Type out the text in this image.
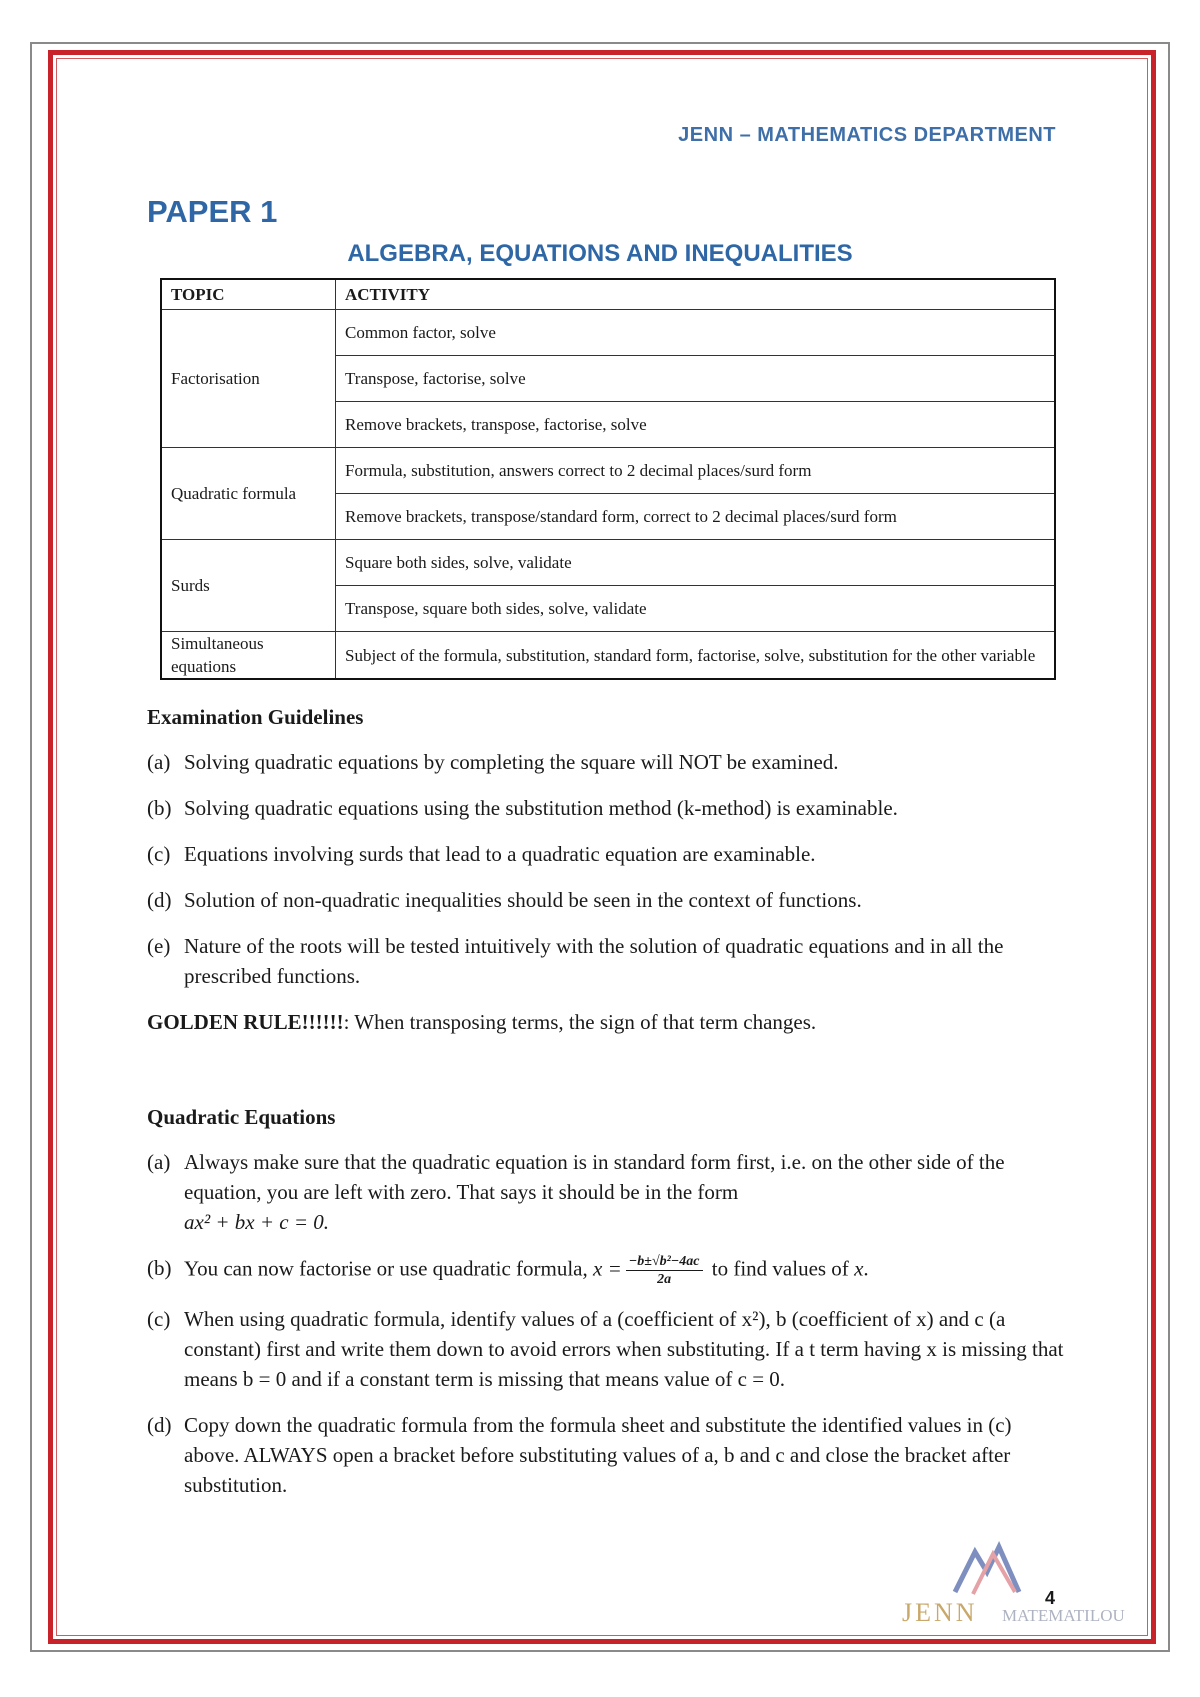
JENN – MATHEMATICS DEPARTMENT
PAPER 1
ALGEBRA, EQUATIONS AND INEQUALITIES
TOPIC	ACTIVITY
Factorisation	Common factor, solve
	Transpose, factorise, solve
	Remove brackets, transpose, factorise, solve
Quadratic formula	Formula, substitution, answers correct to 2 decimal places/surd form
	Remove brackets, transpose/standard form, correct to 2 decimal places/surd form
Surds	Square both sides, solve, validate
	Transpose, square both sides, solve, validate
Simultaneous equations	Subject of the formula, substitution, standard form, factorise, solve, substitution for the other variable
Examination Guidelines
(a) Solving quadratic equations by completing the square will NOT be examined.
(b) Solving quadratic equations using the substitution method (k-method) is examinable.
(c) Equations involving surds that lead to a quadratic equation are examinable.
(d) Solution of non-quadratic inequalities should be seen in the context of functions.
(e) Nature of the roots will be tested intuitively with the solution of quadratic equations and in all the prescribed functions.
GOLDEN RULE!!!!!!: When transposing terms, the sign of that term changes.
Quadratic Equations
(a) Always make sure that the quadratic equation is in standard form first, i.e. on the other side of the equation, you are left with zero. That says it should be in the form
ax² + bx + c = 0.
(b) You can now factorise or use quadratic formula, $x = \frac{\text{−b±√b²−4ac}}{2a}$ to find values of x.
(c) When using quadratic formula, identify values of a (coefficient of x²), b (coefficient of x) and c (a constant) first and write them down to avoid errors when substituting. If a t term having x is missing that means b = 0 and if a constant term is missing that means value of c = 0.
(d) Copy down the quadratic formula from the formula sheet and substitute the identified values in (c) above. ALWAYS open a bracket before substituting values of a, b and c and close the bracket after substitution.
JENN MATEMATILOU
4
